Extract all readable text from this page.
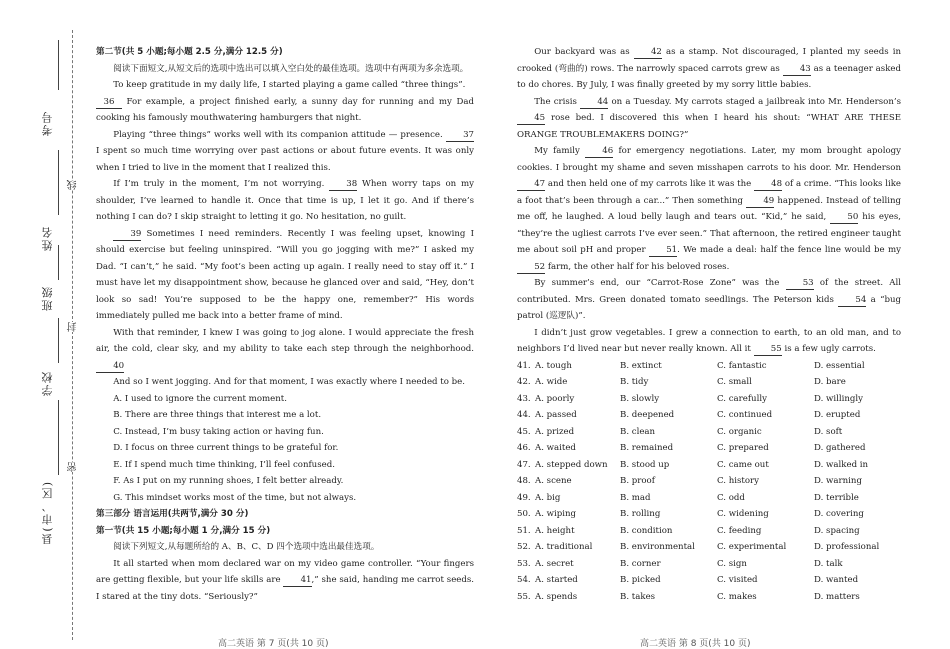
考号
姓名
班级
学校
县(市、区)
线
封
密

第二节(共 5 小题;每小题 2.5 分,满分 12.5 分)

阅读下面短文,从短文后的选项中选出可以填入空白处的最佳选项。选项中有两项为多余选项。

To keep gratitude in my daily life, I started playing a game called “three things”.

36 For example, a project finished early, a sunny day for running and my Dad cooking his famously mouthwatering hamburgers that night.

Playing “three things” works well with its companion attitude — presence. 37 I spent so much time worrying over past actions or about future events. It was only when I tried to live in the moment that I realized this.

If I’m truly in the moment, I’m not worrying.	38 When worry taps on my shoulder, I’ve learned to handle it. Once that time is up, I let it go. And if there’s nothing I can do? I skip straight to letting it go. No hesitation, no guilt.

39 Sometimes I need reminders. Recently I was feeling upset, knowing I should exercise but feeling uninspired. “Will you go jogging with me?” I asked my Dad. “I can’t,” he said. “My foot’s been acting up again. I really need to stay off it.” I must have let my disappointment show, because he glanced over and said, “Hey, don’t look so sad! You’re supposed to be the happy one, remember?” His words immediately pulled me back into a better frame of mind.

With that reminder, I knew I was going to jog alone. I would appreciate the fresh air, the cold, clear sky, and my ability to take each step through the neighborhood. 40

And so I went jogging. And for that moment, I was exactly where I needed to be.

A. I used to ignore the current moment.

B. There are three things that interest me a lot.

C. Instead, I’m busy taking action or having fun.

D. I focus on three current things to be grateful for.

E. If I spend much time thinking, I’ll feel confused.

F. As I put on my running shoes, I felt better already.

G. This mindset works most of the time, but not always.

第三部分 语言运用(共两节,满分 30 分)

第一节(共 15 小题;每小题 1 分,满分 15 分)

阅读下列短文,从每题所给的 A、B、C、D 四个选项中选出最佳选项。

It all started when mom declared war on my video game controller. “Your fingers are getting flexible, but your life skills are 41,” she said, handing me carrot seeds. I stared at the tiny dots. “Seriously?”

高二英语 第 7 页(共 10 页)

Our backyard was as 42 as a stamp. Not discouraged, I planted my seeds in crooked (弯曲的) rows. The narrowly spaced carrots grew as 43 as a teenager asked to do chores. By July, I was finally greeted by my sorry little babies.

The crisis 44 on a Tuesday. My carrots staged a jailbreak into Mr. Henderson’s 45 rose bed. I discovered this when I heard his shout: “WHAT ARE THESE ORANGE TROUBLEMAKERS DOING?”

My family	46 for emergency negotiations. Later, my mom brought apology cookies. I brought my shame and seven misshapen carrots to his door. Mr. Henderson 47 and then held one of my carrots like it was the 48 of a crime. “This looks like a foot that’s been through a car...” Then something 49 happened. Instead of telling me off, he laughed. A loud belly laugh and tears out. “Kid,” he said, 50 his eyes, “they’re the ugliest carrots I’ve ever seen.” That afternoon, the retired engineer taught me about soil pH and proper 51. We made a deal: half the fence line would be my 52 farm, the other half for his beloved roses.

By summer’s end, our “Carrot-Rose Zone” was the	53 of the street. All contributed. Mrs. Green donated tomato seedlings. The Peterson kids	54 a “bug patrol (巡逻队)”.

I didn’t just grow vegetables. I grew a connection to earth, to an old man, and to neighbors I’d lived near but never really known. All it 55 is a few ugly carrots.

41.	A. tough	B. extinct	C. fantastic	D. essential
42.	A. wide	B. tidy	C. small	D. bare
43.	A. poorly	B. slowly	C. carefully	D. willingly
44.	A. passed	B. deepened	C. continued	D. erupted
45.	A. prized	B. clean	C. organic	D. soft
46.	A. waited	B. remained	C. prepared	D. gathered
47.	A. stepped down	B. stood up	C. came out	D. walked in
48.	A. scene	B. proof	C. history	D. warning
49.	A. big	B. mad	C. odd	D. terrible
50.	A. wiping	B. rolling	C. widening	D. covering
51.	A. height	B. condition	C. feeding	D. spacing
52.	A. traditional	B. environmental	C. experimental	D. professional
53.	A. secret	B. corner	C. sign	D. talk
54.	A. started	B. picked	C. visited	D. wanted
55.	A. spends	B. takes	C. makes	D. matters
高二英语 第 8 页(共 10 页)
